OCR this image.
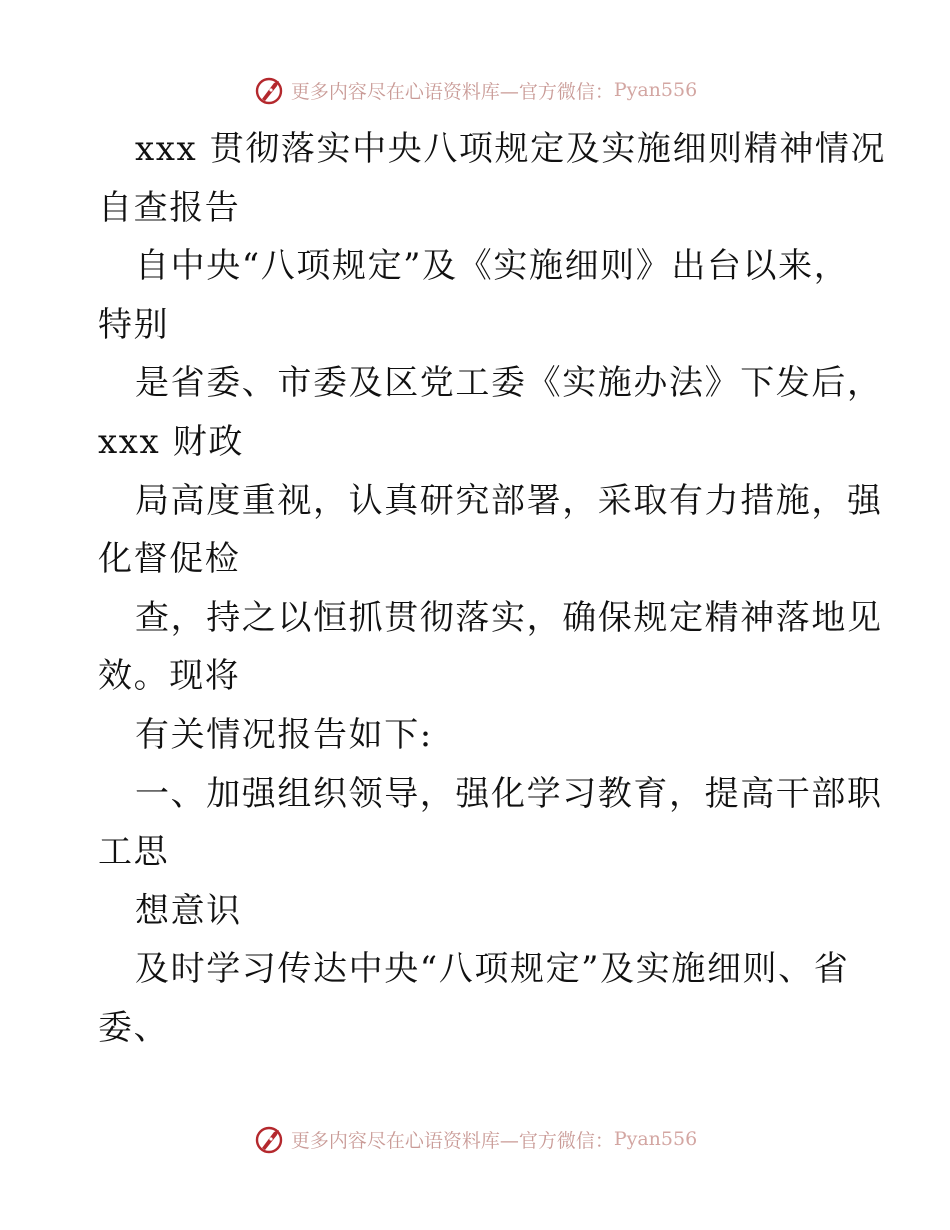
更多内容尽在心语资料库—官方微信： Pyan556
xxx 贯彻落实中央八项规定及实施细则精神情况
自查报告
自中央“八项规定”及《实施细则》出台以来，
特别
是省委、市委及区党工委《实施办法》下发后，
xxx 财政
局高度重视，认真研究部署，采取有力措施，强
化督促检
查，持之以恒抓贯彻落实，确保规定精神落地见
效。现将
有关情况报告如下:
一、加强组织领导，强化学习教育，提高干部职
工思
想意识
及时学习传达中央“八项规定”及实施细则、省
委、
更多内容尽在心语资料库—官方微信： Pyan556
